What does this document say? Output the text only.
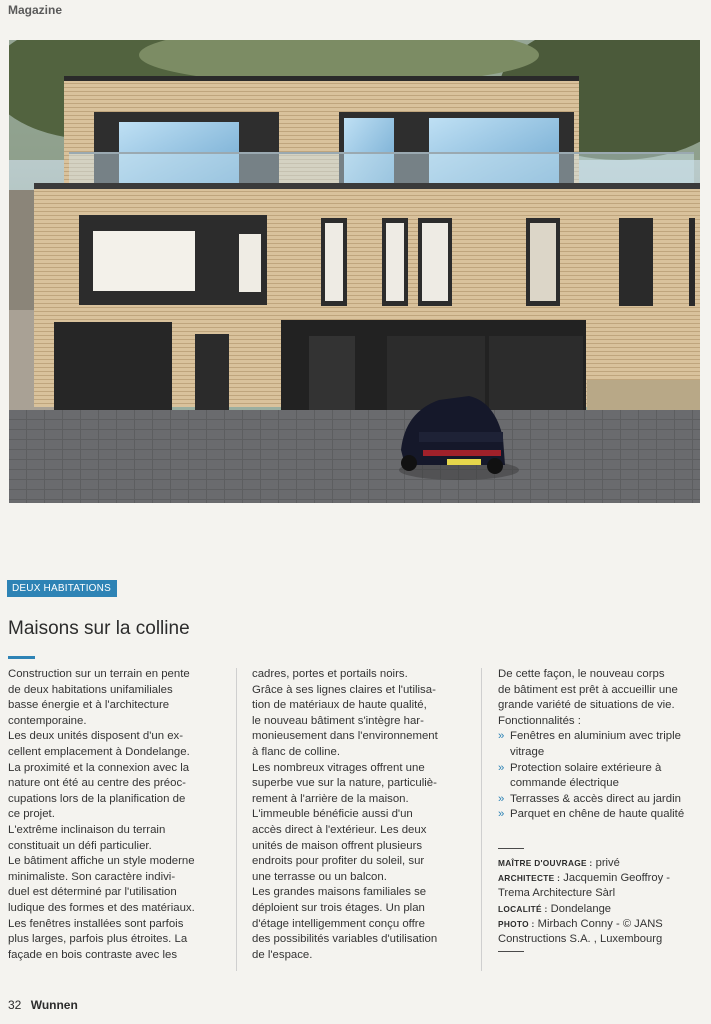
Magazine
DEUX HABITATIONS
Maisons sur la colline

Construction sur un terrain en pente

de deux habitations unifamiliales

basse énergie et à l'architecture

contemporaine.

Les deux unités disposent d'un ex-

cellent emplacement à Dondelange.

La proximité et la connexion avec la

nature ont été au centre des préoc-

cupations lors de la planification de

ce projet.

L'extrême inclinaison du terrain

constituait un défi particulier.

Le bâtiment affiche un style moderne

minimaliste. Son caractère indivi-

duel est déterminé par l'utilisation

ludique des formes et des matériaux.

Les fenêtres installées sont parfois

plus larges, parfois plus étroites. La

façade en bois contraste avec les

cadres, portes et portails noirs.

Grâce à ses lignes claires et l'utilisa-

tion de matériaux de haute qualité,

le nouveau bâtiment s'intègre har-

monieusement dans l'environnement

à flanc de colline.

Les nombreux vitrages offrent une

superbe vue sur la nature, particuliè-

rement à l'arrière de la maison.

L'immeuble bénéficie aussi d'un

accès direct à l'extérieur. Les deux

unités de maison offrent plusieurs

endroits pour profiter du soleil, sur

une terrasse ou un balcon.

Les grandes maisons familiales se

déploient sur trois étages. Un plan

d'étage intelligemment conçu offre

des possibilités variables d'utilisation

de l'espace.

De cette façon, le nouveau corps

de bâtiment est prêt à accueillir une

grande variété de situations de vie.

Fonctionnalités :

» Fenêtres en aluminium avec triple

vitrage

» Protection solaire extérieure à

commande électrique

» Terrasses & accès direct au jardin

» Parquet en chêne de haute qualité

MAÎTRE D'OUVRAGE : privé

ARCHITECTE : Jacquemin Geoffroy -

Trema Architecture Sàrl

LOCALITÉ : Dondelange

PHOTO : Mirbach Conny - © JANS

Constructions S.A. , Luxembourg

32 Wunnen
